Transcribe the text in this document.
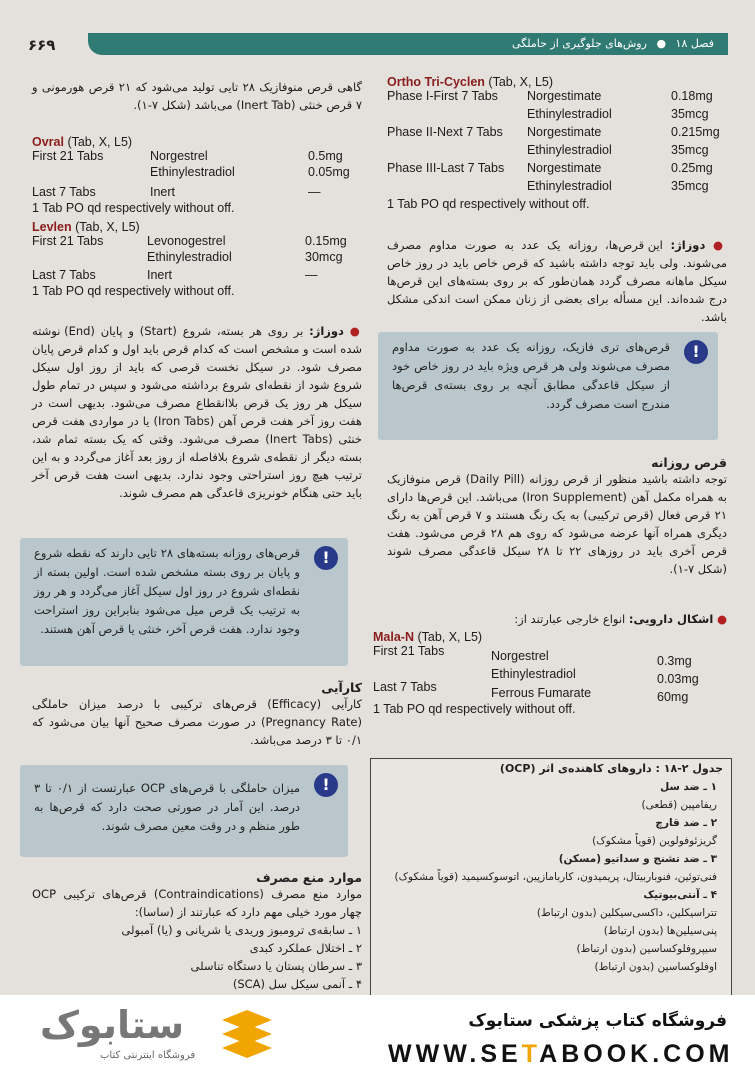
۶۶۹	فصل ۱۸ ● روش‌های جلوگیری از حاملگی
گاهی قرص منوفازیک ۲۸ تایی تولید می‌شود که ۲۱ قرص هورمونی و ۷ قرص خنثی (Inert Tab) می‌باشد (شکل ۷-۱).
Ovral (Tab, X, L5)
First 21 Tabs	Norgestrel	0.5mg
Ethinylestradiol	0.05mg
Last 7 Tabs	Inert	—
1 Tab PO qd respectively without off.
Levlen (Tab, X, L5)
First 21 Tabs	Levonogestrel	0.15mg
Ethinylestradiol	30mcg
Last 7 Tabs	Inert	—
1 Tab PO qd respectively without off.
● دوزاژ: بر روی هر بسته، شروع (Start) و پایان (End) نوشته شده است و مشخص است که کدام قرص باید اول و کدام قرص پایان مصرف شود. در سیکل نخست قرصی که باید از روز اول سیکل شروع شود از نقطه‌ای شروع برداشته می‌شود و سپس در تمام طول سیکل هر روز یک قرص بلاانقطاع مصرف می‌شود. بدیهی است در هفت روز آخر هفت قرص آهن (Iron Tabs) یا در مواردی هفت قرص خنثی (Inert Tabs) مصرف می‌شود. وقتی که یک بسته تمام شد، بسته دیگر از نقطه‌ی شروع بلافاصله از روز بعد آغاز می‌گردد و به این ترتیب هیچ روز استراحتی وجود ندارد. بدیهی است هفت قرص آخر باید حتی هنگام خونریزی قاعدگی هم مصرف شوند.
!
قرص‌های روزانه بسته‌های ۲۸ تایی دارند که نقطه شروع و پایان بر روی بسته مشخص شده است. اولین بسته از نقطه‌ای شروع در روز اول سیکل آغاز می‌گردد و هر روز به ترتیب یک قرص میل می‌شود بنابراین روز استراحت وجود ندارد. هفت قرص آخر، خنثی یا قرص آهن هستند.
کارآیی
کارآیی (Efficacy) قرص‌های ترکیبی با درصد میزان حاملگی (Pregnancy Rate) در صورت مصرف صحیح آنها بیان می‌شود که ۰/۱ تا ۳ درصد می‌باشد.
!
میزان حاملگی با قرص‌های OCP عبارتست از ۰/۱ تا ۳ درصد. این آمار در صورتی صحت دارد که قرص‌ها به طور منظم و در وقت معین مصرف شوند.
موارد منع مصرف
موارد منع مصرف (Contraindications) قرص‌های ترکیبی OCP چهار مورد خیلی مهم دارد که عبارتند از (ساسا):
۱ ـ سابقه‌ی ترومبوز وریدی یا شریانی و (یا) آمبولی
۲ ـ اختلال عملکرد کبدی
۳ ـ سرطان پستان یا دستگاه تناسلی
۴ ـ آنمی سیکل سل (SCA)
Ortho Tri-Cyclen (Tab, X, L5)
Phase I-First 7 Tabs Norgestimate	0.18mg
Ethinylestradiol	35mcg
Phase II-Next 7 Tabs Norgestimate	0.215mg
Ethinylestradiol	35mcg
Phase III-Last 7 Tabs Norgestimate	0.25mg
Ethinylestradiol	35mcg
1 Tab PO qd respectively without off.
● دوزاژ: این قرص‌ها، روزانه یک عدد به صورت مداوم مصرف می‌شوند. ولی باید توجه داشته باشید که قرص خاص باید در روز خاص سیکل ماهانه مصرف گردد همان‌طور که بر روی بسته‌های این قرص‌ها درج شده‌اند. این مسأله برای بعضی از زنان ممکن است اندکی مشکل باشد.
!
قرص‌های تری فازیک، روزانه یک عدد به صورت مداوم مصرف می‌شوند ولی هر قرص ویژه باید در روز خاص خود از سیکل قاعدگی مطابق آنچه بر روی بسته‌ی قرص‌ها مندرج است مصرف گردد.
قرص روزانه
توجه داشته باشید منظور از قرص روزانه (Daily Pill) قرص منوفازیک به همراه مکمل آهن (Iron Supplement) می‌باشد. این قرص‌ها دارای ۲۱ قرص فعال (قرص ترکیبی) به یک رنگ هستند و ۷ قرص آهن به رنگ دیگری همراه آنها عرضه می‌شود که روی هم ۲۸ قرص می‌شود. هفت قرص آخری باید در روزهای ۲۲ تا ۲۸ سیکل قاعدگی مصرف شوند (شکل ۷-۱).
● اشکال دارویی: انواع خارجی عبارتند از:
Mala-N (Tab, X, L5)
First 21 Tabs	Norgestrel	0.3mg
Ethinylestradiol	0.03mg
Last 7 Tabs	Ferrous Fumarate	60mg
1 Tab PO qd respectively without off.
جدول ۲-۱۸ : داروهای کاهنده‌ی اثر (OCP)
۱ ـ ضد سل
ریفامپین (قطعی)
۲ ـ ضد قارچ
گریزئوفولوین (قویاً مشکوک)
۳ ـ ضد تشنج و سداتیو (مسکن)
فنی‌توئین، فنوباربیتال، پریمیدون، کاربامازپین، اتوسوکسیمید (قویاً مشکوک)
۴ ـ آنتی‌بیوتیک
تتراسیکلین، داکسی‌سیکلین (بدون ارتباط)
پنی‌سیلین‌ها (بدون ارتباط)
سیپروفلوکساسین (بدون ارتباط)
اوفلوکساسین (بدون ارتباط)
ستابوک
فروشگاه اینترنتی کتاب
فروشگاه کتاب پزشکی ستابوک
WWW.SETABOOK.COM
